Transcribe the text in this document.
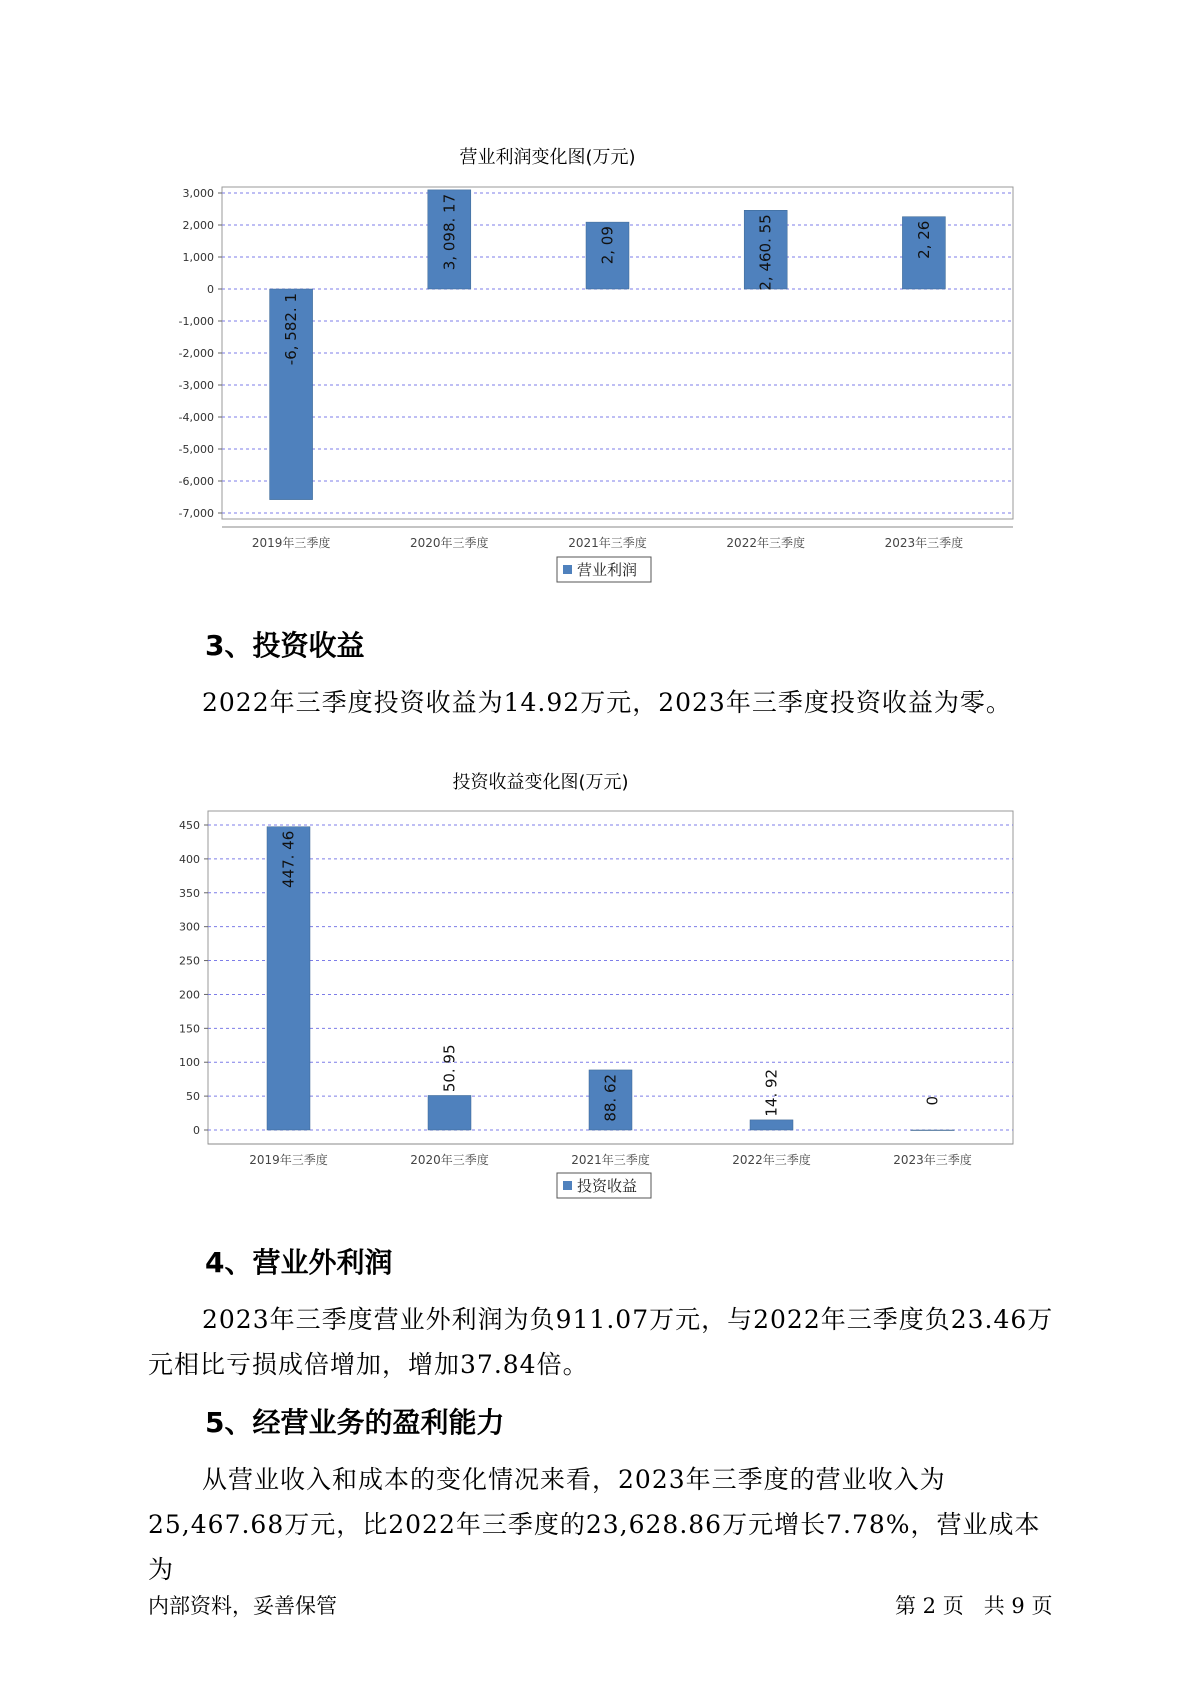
营业利润变化图(万元)
3,000
2,000
1,000
0
-1,000
-2,000
-3,000
-4,000
-5,000
-6,000
-7,000
-6, 582. 1
2019年三季度
3, 098. 17
2020年三季度
2, 09
2021年三季度
2, 460. 55
2022年三季度
2, 26
2023年三季度
营业利润
3、投资收益

2022年三季度投资收益为14.92万元，2023年三季度投资收益为零。

投资收益变化图(万元)
450
400
350
300
250
200
150
100
50
0
447. 46
2019年三季度
50. 95
2020年三季度
88. 62
2021年三季度
14. 92
2022年三季度
0
2023年三季度
投资收益
4、营业外利润

2023年三季度营业外利润为负911.07万元，与2022年三季度负23.46万元相比亏损成倍增加，增加37.84倍。

5、经营业务的盈利能力

从营业收入和成本的变化情况来看，2023年三季度的营业收入为25,467.68万元，比2022年三季度的23,628.86万元增长7.78%，营业成本为

内部资料，妥善保管	第 2 页   共 9 页
